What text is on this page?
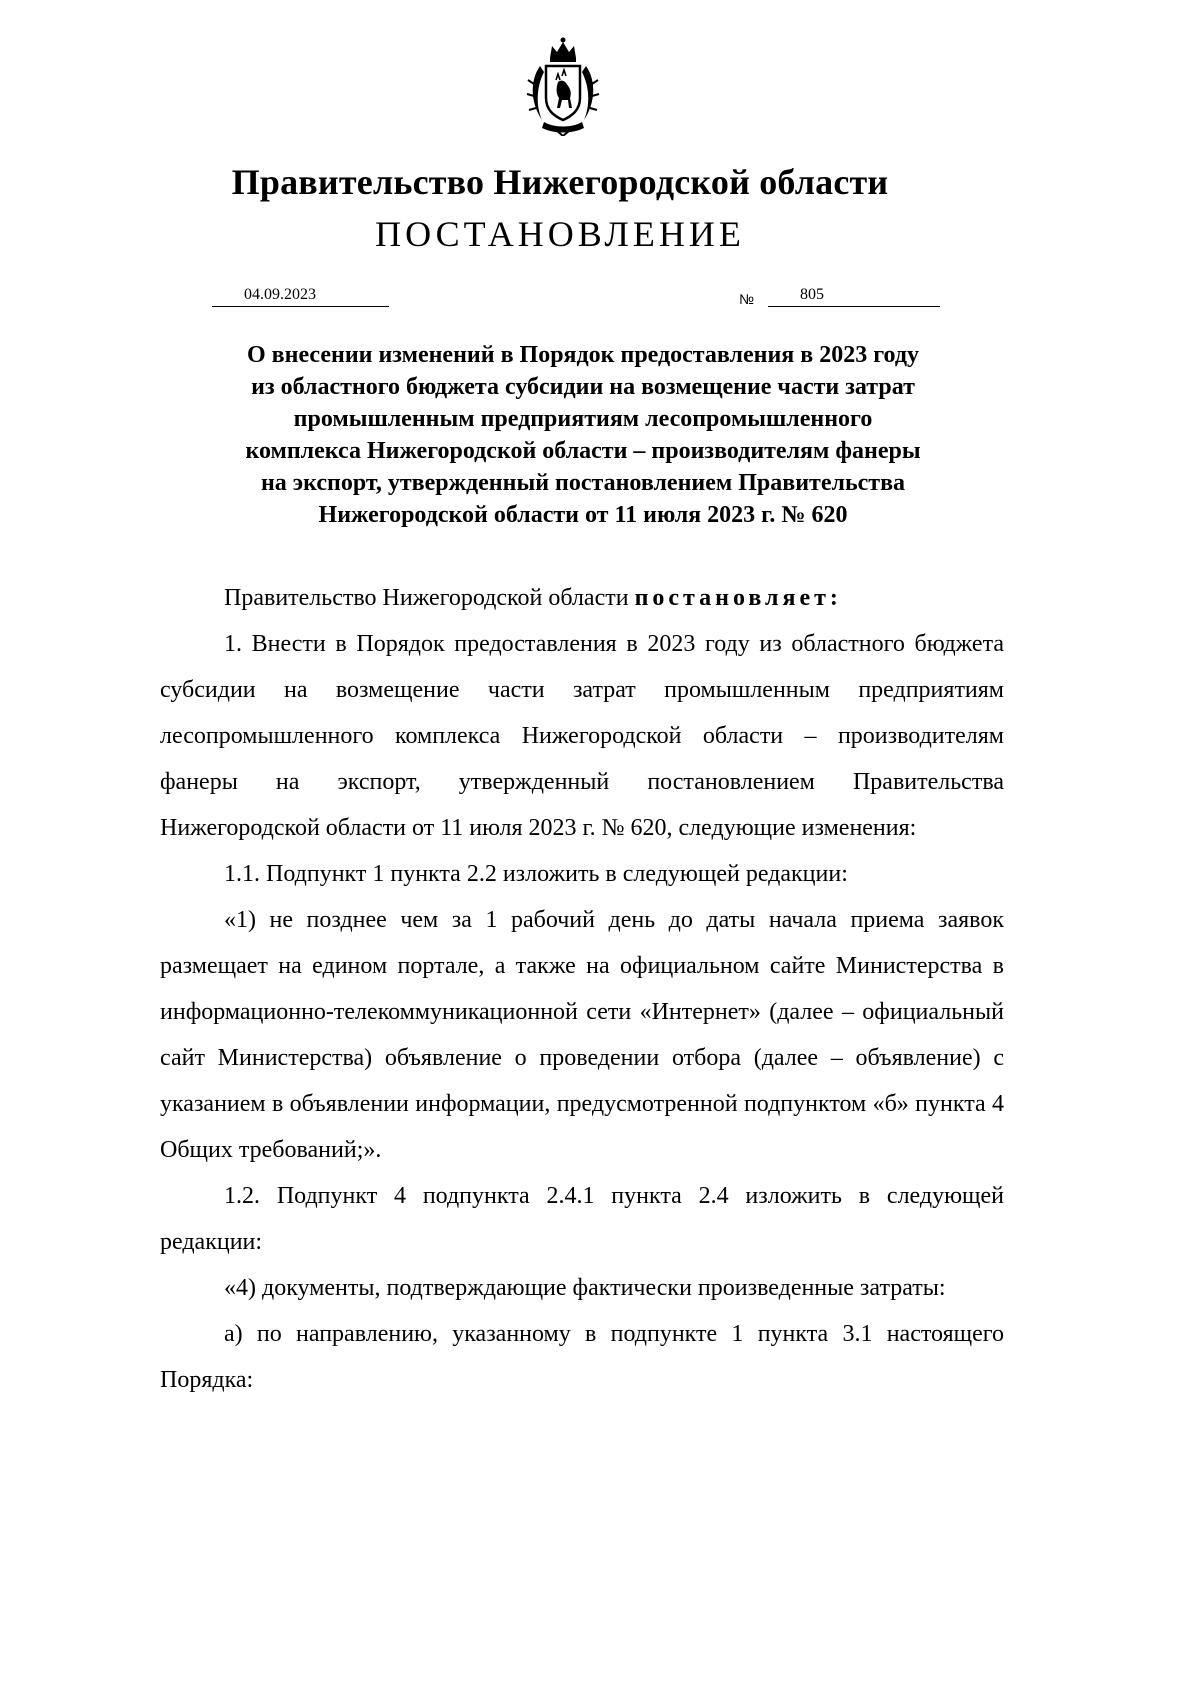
Правительство Нижегородской области
ПОСТАНОВЛЕНИЕ
04.09.2023	№	805
О внесении изменений в Порядок предоставления в 2023 году
из областного бюджета субсидии на возмещение части затрат
промышленным предприятиям лесопромышленного
комплекса Нижегородской области – производителям фанеры
на экспорт, утвержденный постановлением Правительства
Нижегородской области от 11 июля 2023 г. № 620

Правительство Нижегородской области постановляет:

1. Внести в Порядок предоставления в 2023 году из областного бюджета субсидии на возмещение части затрат промышленным предприятиям лесопромышленного комплекса Нижегородской области – производителям фанеры на экспорт, утвержденный постановлением Правительства Нижегородской области от 11 июля 2023 г. № 620, следующие изменения:

1.1. Подпункт 1 пункта 2.2 изложить в следующей редакции:

«1) не позднее чем за 1 рабочий день до даты начала приема заявок размещает на едином портале, а также на официальном сайте Министерства в информационно-телекоммуникационной сети «Интернет» (далее – официальный сайт Министерства) объявление о проведении отбора (далее – объявление) с указанием в объявлении информации, предусмотренной подпунктом «б» пункта 4 Общих требований;».

1.2. Подпункт 4 подпункта 2.4.1 пункта 2.4 изложить в следующей редакции:

«4) документы, подтверждающие фактически произведенные затраты:

а) по направлению, указанному в подпункте 1 пункта 3.1 настоящего Порядка:
